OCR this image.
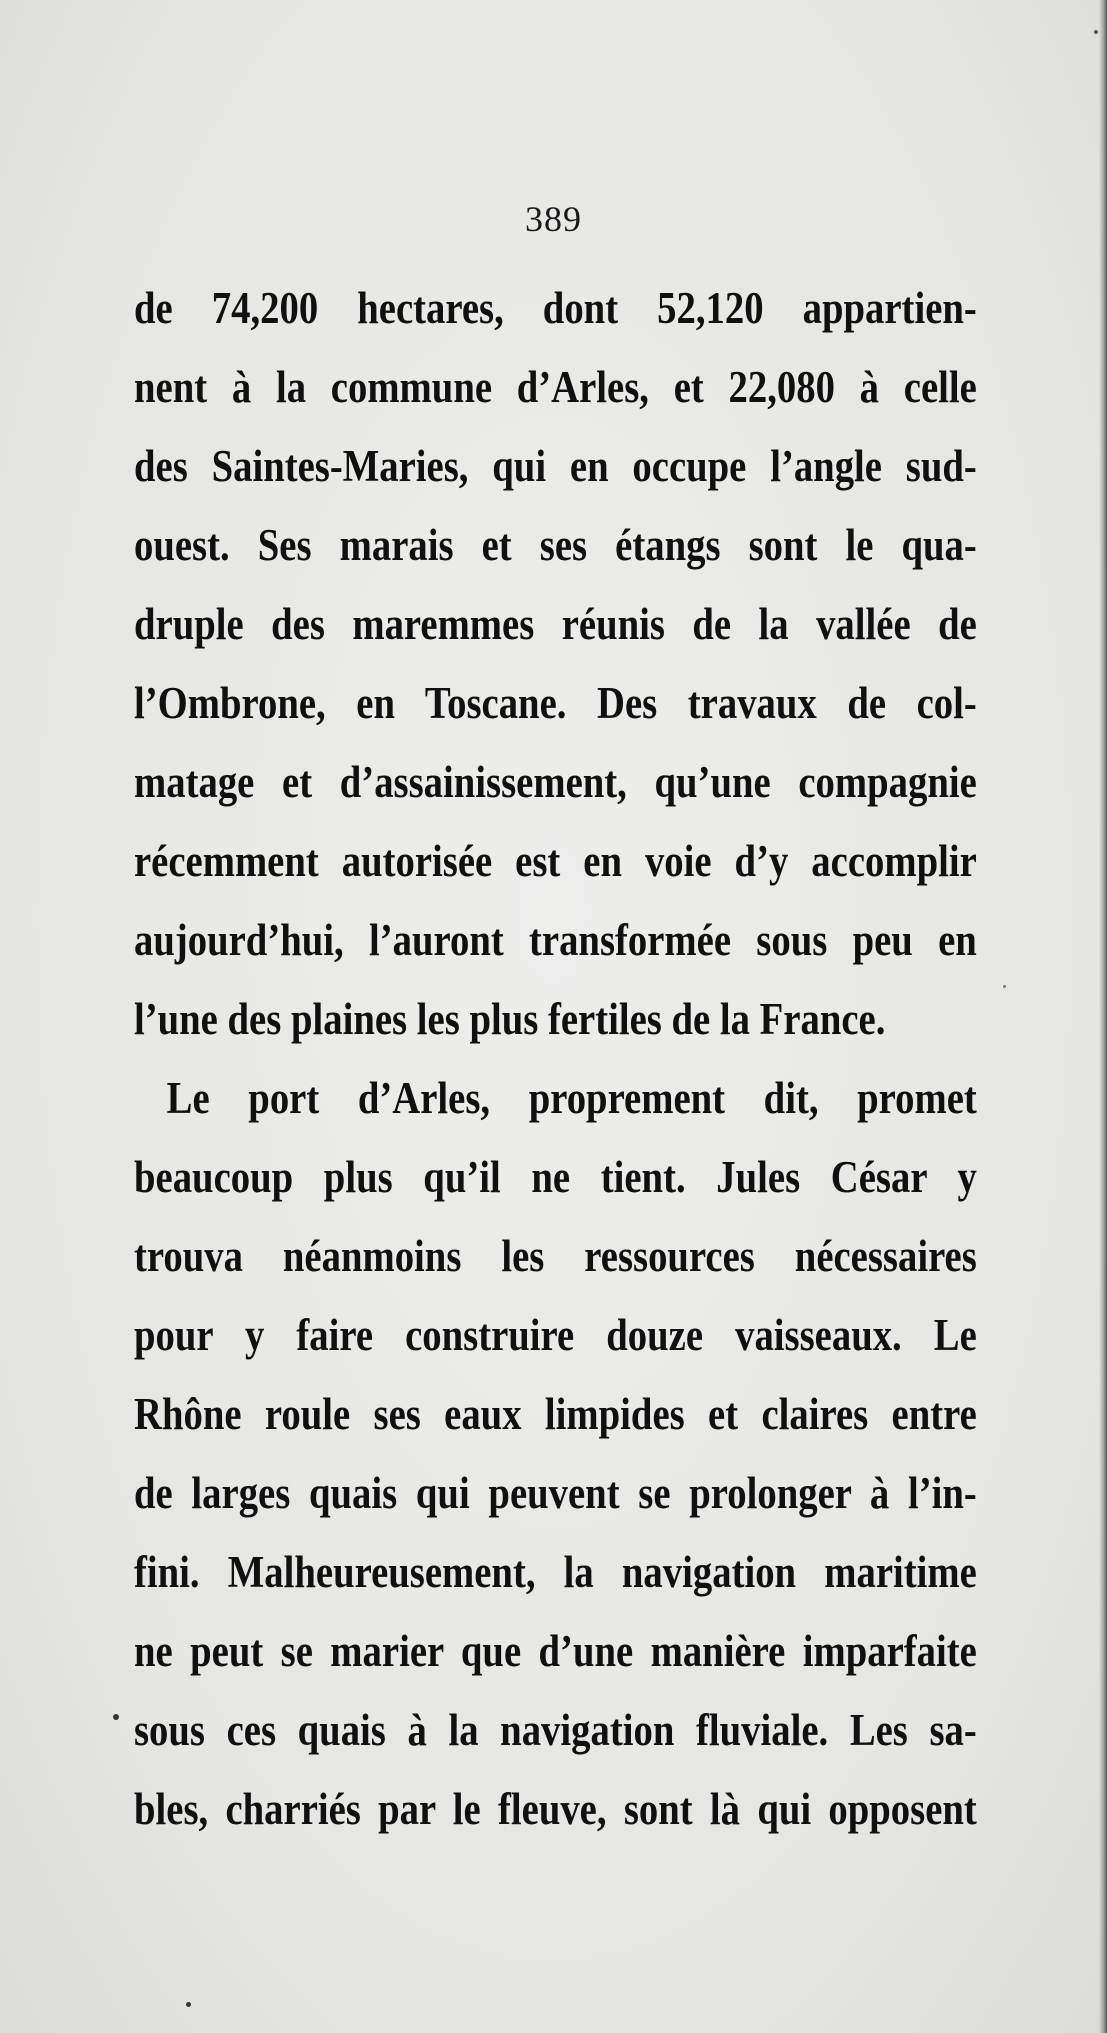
389
de 74,200 hectares, dont 52,120 appartien-
nent à la commune d’Arles, et 22,080 à celle
des Saintes-Maries, qui en occupe l’angle sud-
ouest. Ses marais et ses étangs sont le qua-
druple des maremmes réunis de la vallée de
l’Ombrone, en Toscane. Des travaux de col-
matage et d’assainissement, qu’une compagnie
récemment autorisée est en voie d’y accomplir
aujourd’hui, l’auront transformée sous peu en
l’une des plaines les plus fertiles de la France.
Le port d’Arles, proprement dit, promet
beaucoup plus qu’il ne tient. Jules César y
trouva néanmoins les ressources nécessaires
pour y faire construire douze vaisseaux. Le
Rhône roule ses eaux limpides et claires entre
de larges quais qui peuvent se prolonger à l’in-
fini. Malheureusement, la navigation maritime
ne peut se marier que d’une manière imparfaite
sous ces quais à la navigation fluviale. Les sa-
bles, charriés par le fleuve, sont là qui opposent
